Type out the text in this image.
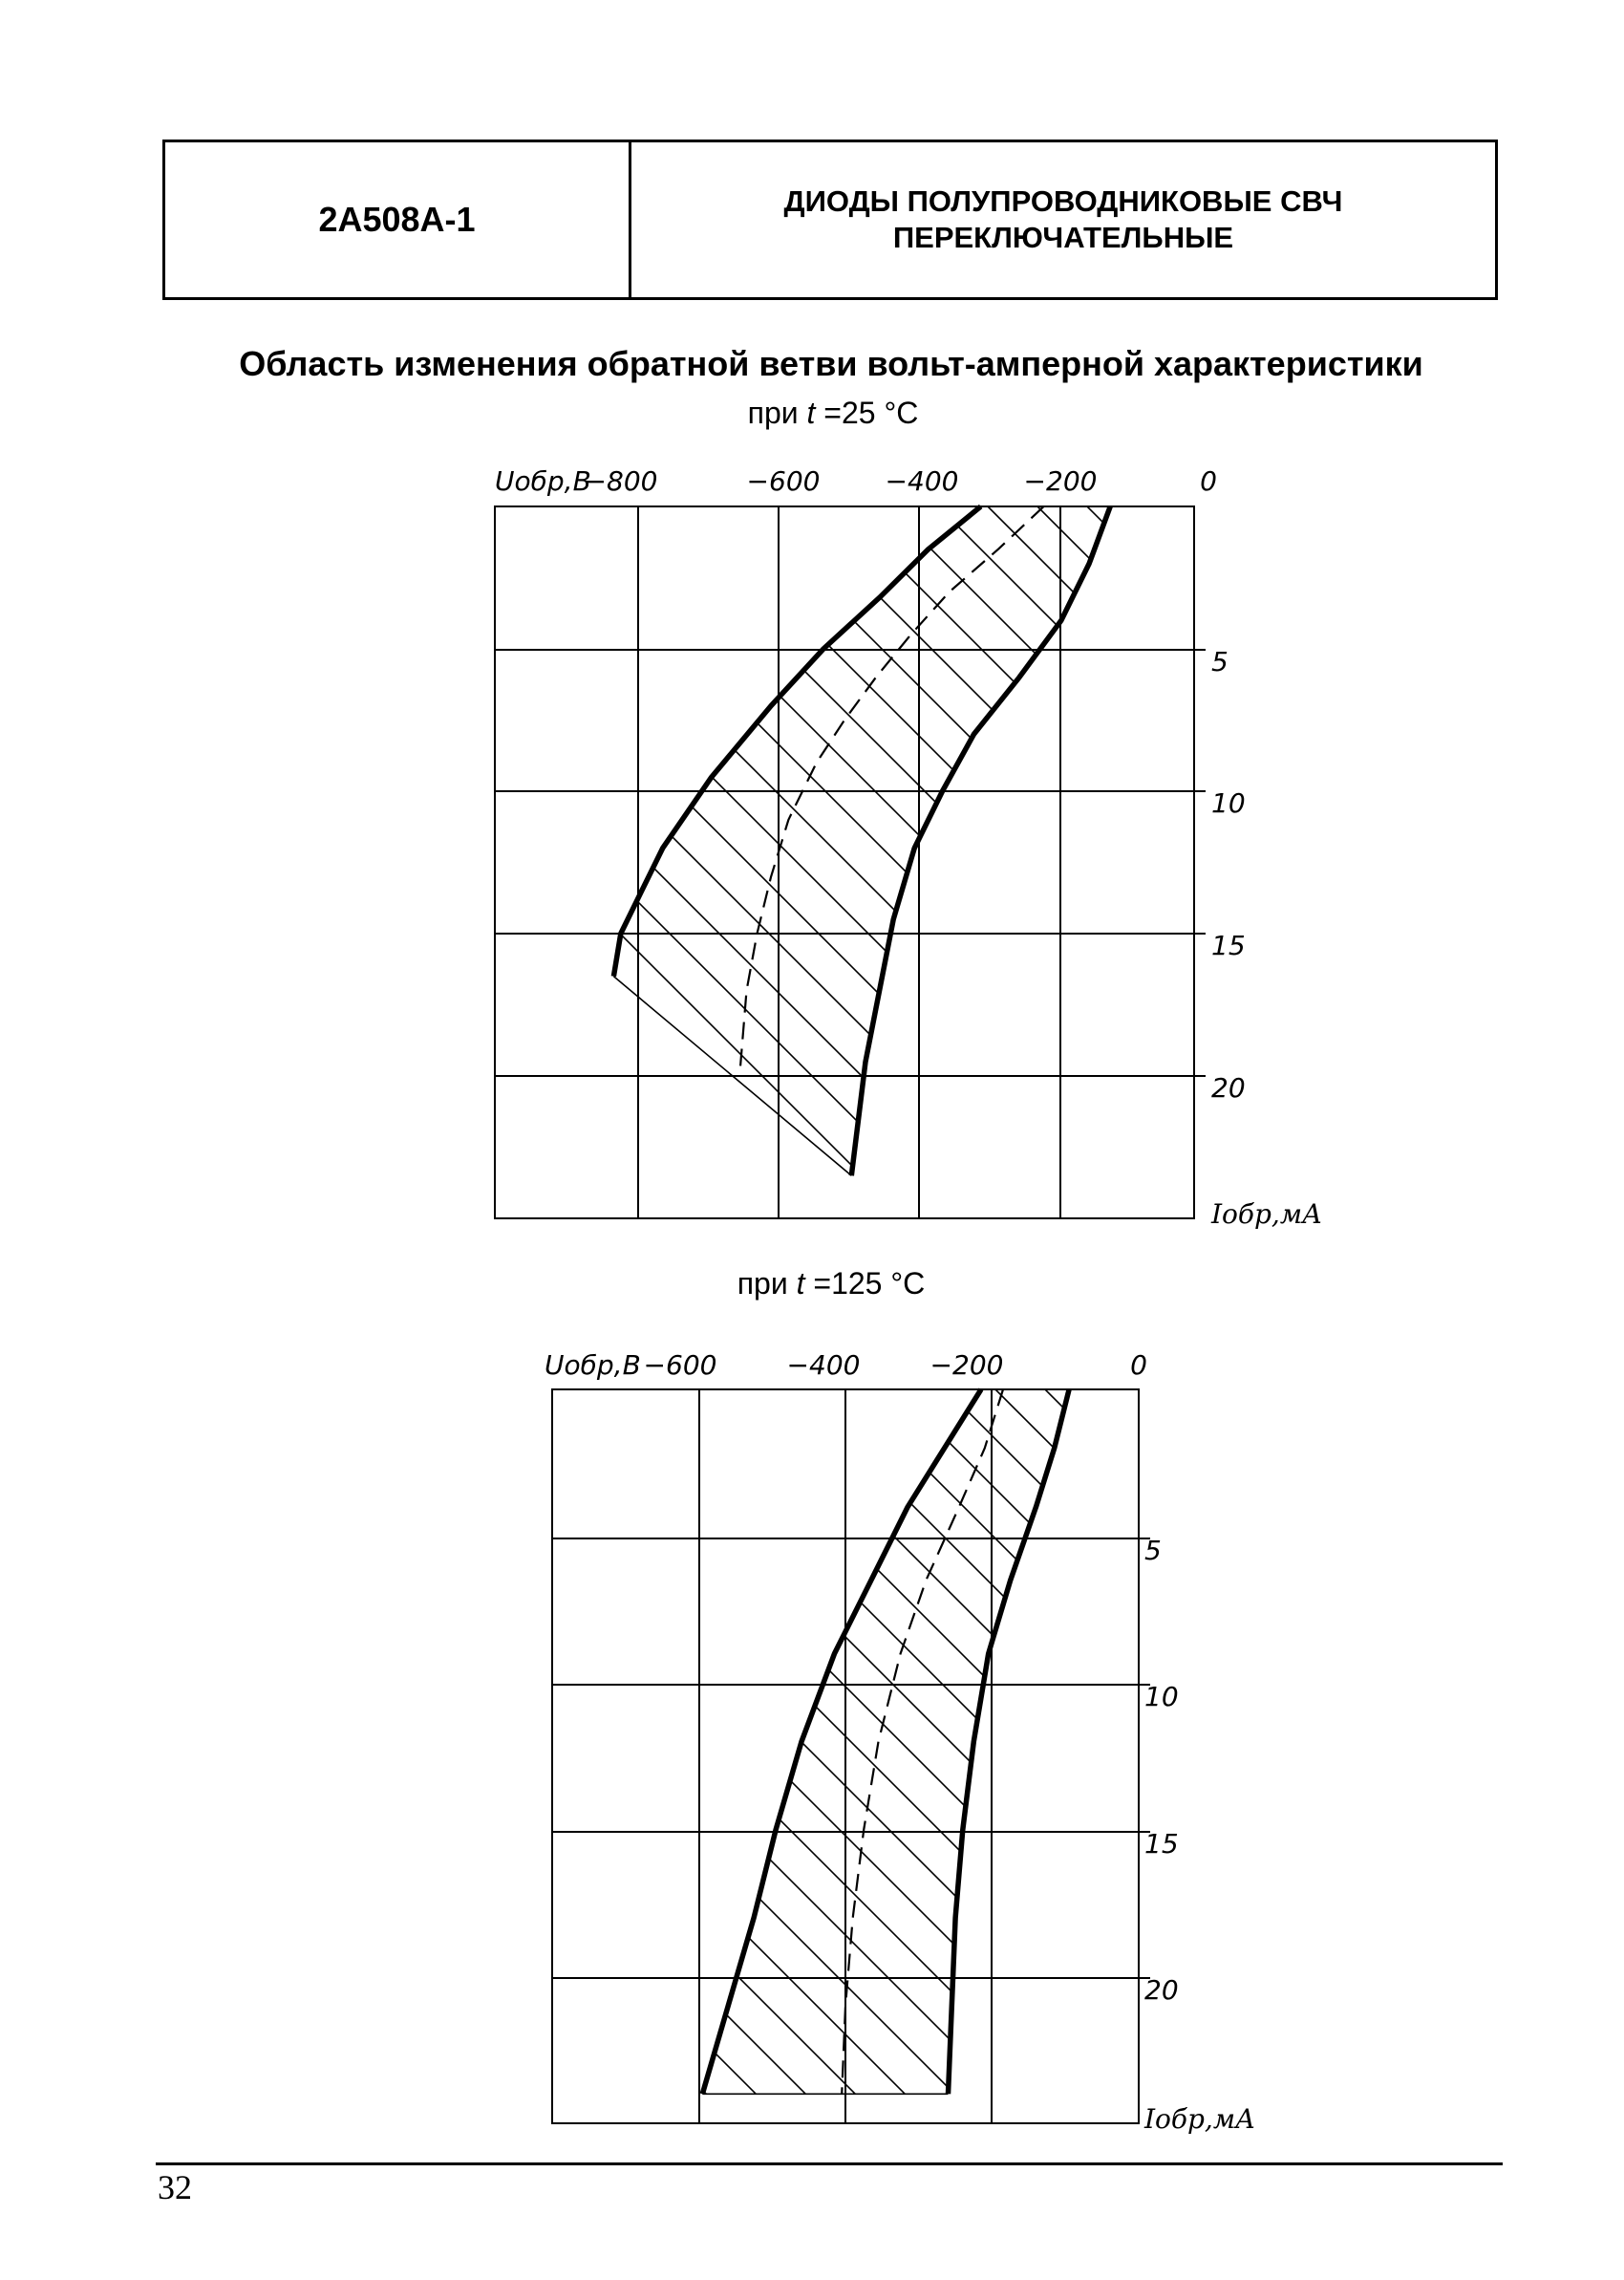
2А508А-1	ДИОДЫ ПОЛУПРОВОДНИКОВЫЕ СВЧ
ПЕРЕКЛЮЧАТЕЛЬНЫЕ
Область изменения обратной ветви вольт-амперной характеристики
при t =25 °C
при t =125 °C
Uобр,В
−800	−600 −400 −200	0
5
10
15
20
Iобр,мА
Uобр,В −600	−400	−200	0
5
10
15
20
Iобр,мА
32
